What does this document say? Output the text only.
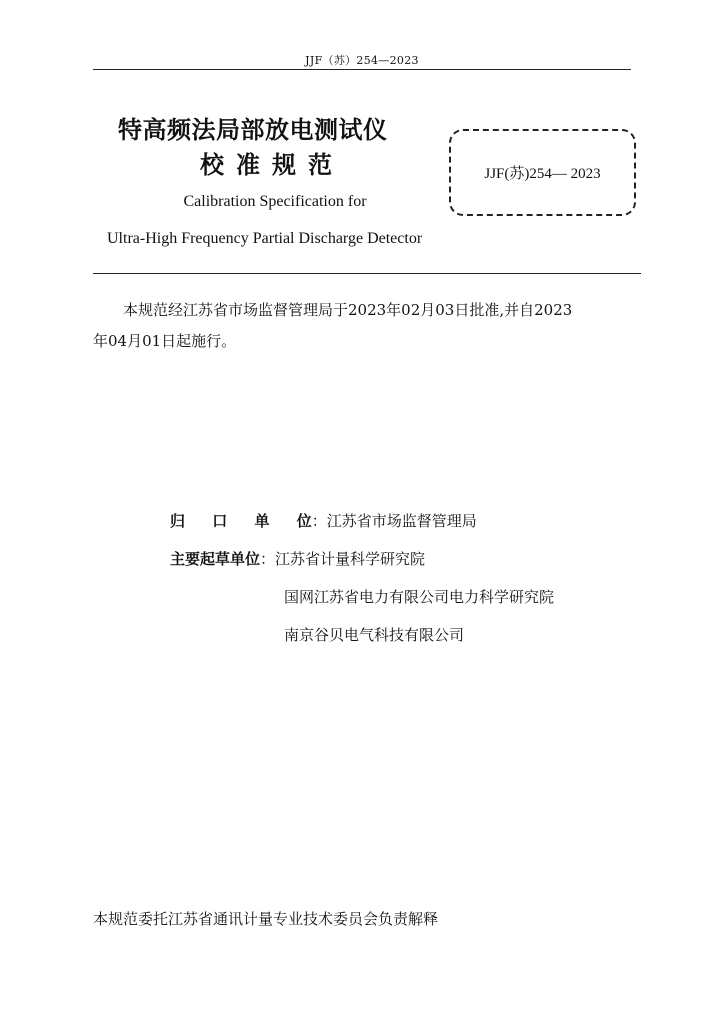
JJF（苏）254—2023
特高频法局部放电测试仪
校准规范
Calibration Specification for
Ultra-High Frequency Partial Discharge Detector
JJF(苏)254— 2023
本规范经江苏省市场监督管理局于2023年02月03日批准,并自2023
年04月01日起施行。
归 口 单 位：江苏省市场监督管理局
主要起草单位：江苏省计量科学研究院
国网江苏省电力有限公司电力科学研究院
南京谷贝电气科技有限公司
本规范委托江苏省通讯计量专业技术委员会负责解释
